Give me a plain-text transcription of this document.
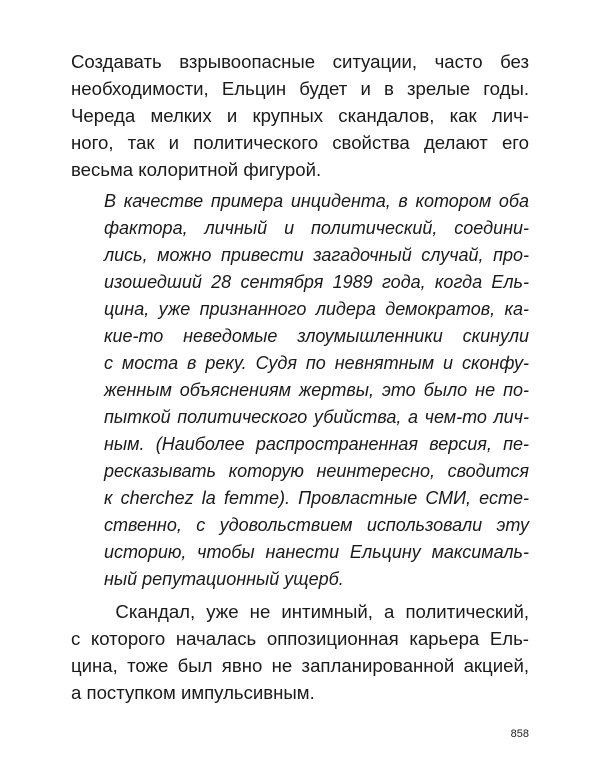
Создавать взрывоопасные ситуации, часто без
необходимости, Ельцин будет и в зрелые годы.
Череда мелких и крупных скандалов, как лич-
ного, так и политического свойства делают его
весьма колоритной фигурой.
В качестве примера инцидента, в котором оба
фактора, личный и политический, соедини-
лись, можно привести загадочный случай, про-
изошедший 28 сентября 1989 года, когда Ель-
цина, уже признанного лидера демократов, ка-
кие-то неведомые злоумышленники скинули
с моста в реку. Судя по невнятным и сконфу-
женным объяснениям жертвы, это было не по-
пыткой политического убийства, а чем-то лич-
ным. (Наиболее распространенная версия, пе-
ресказывать которую неинтересно, сводится
к cherchez la femme). Провластные СМИ, есте-
ственно, с удовольствием использовали эту
историю, чтобы нанести Ельцину максималь-
ный репутационный ущерб.
Скандал, уже не интимный, а политический,
с которого началась оппозиционная карьера Ель-
цина, тоже был явно не запланированной акцией,
а поступком импульсивным.
858
